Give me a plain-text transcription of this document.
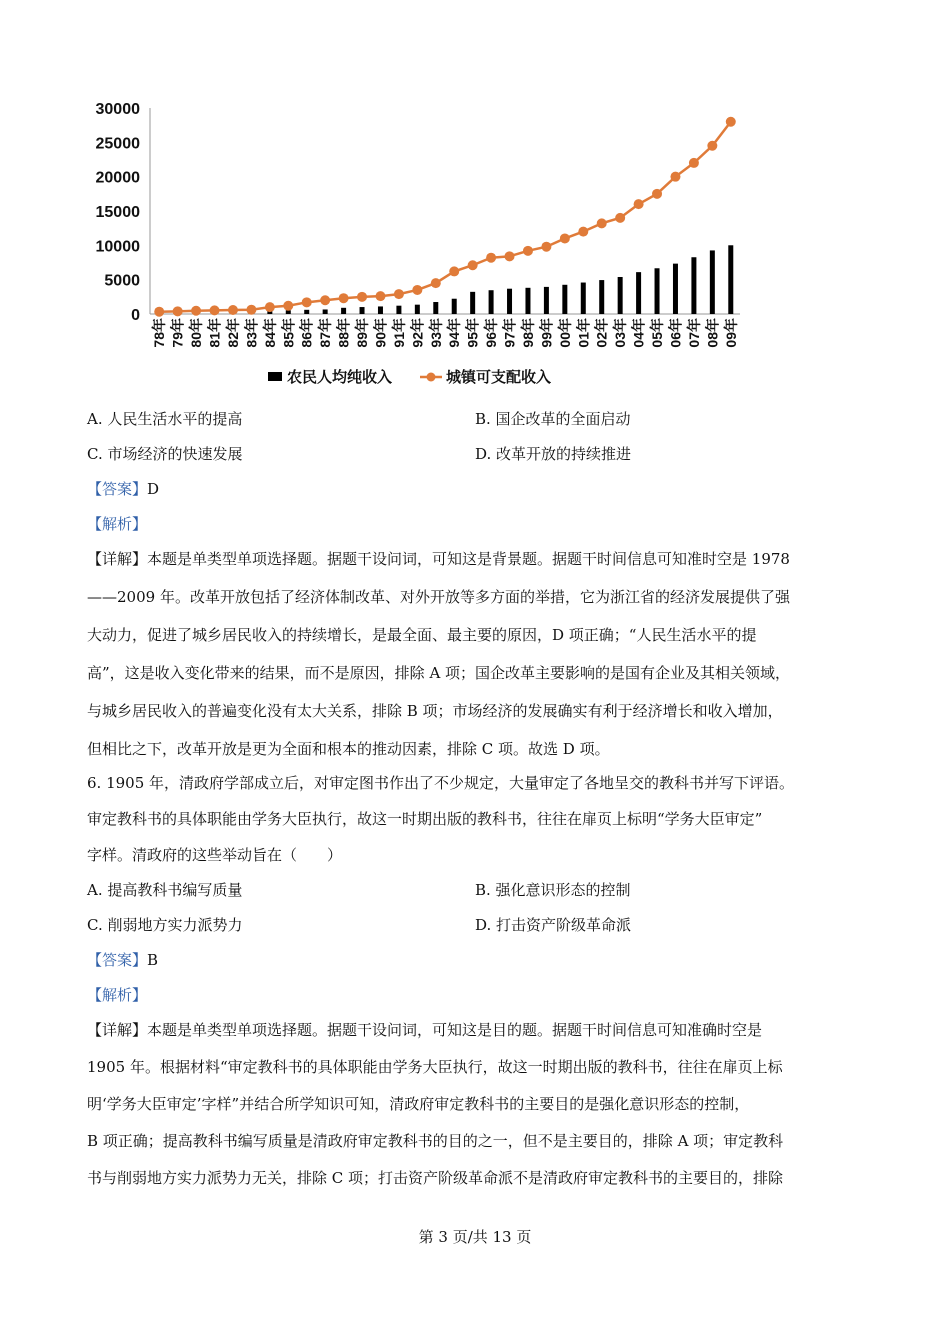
0
5000
10000
15000
20000
25000
30000
78年 79年 80年 81年 82年 83年 84年 85年 86年 87年 88年 89年 90年 91年 92年 93年 94年 95年 96年 97年 98年 99年 00年 01年 02年 03年 04年 05年 06年 07年 08年 09年
农民人均纯收入	城镇可支配收入
A. 人民生活水平的提高	B. 国企改革的全面启动
C. 市场经济的快速发展	D. 改革开放的持续推进
【答案】D
【解析】
【详解】本题是单类型单项选择题。据题干设问词，可知这是背景题。据题干时间信息可知准时空是 1978
——2009 年。改革开放包括了经济体制改革、对外开放等多方面的举措，它为浙江省的经济发展提供了强
大动力，促进了城乡居民收入的持续增长，是最全面、最主要的原因，D 项正确；“人民生活水平的提
高”，这是收入变化带来的结果，而不是原因，排除 A 项；国企改革主要影响的是国有企业及其相关领域，
与城乡居民收入的普遍变化没有太大关系，排除 B 项；市场经济的发展确实有利于经济增长和收入增加，
但相比之下，改革开放是更为全面和根本的推动因素，排除 C 项。故选 D 项。
6. 1905 年，清政府学部成立后，对审定图书作出了不少规定，大量审定了各地呈交的教科书并写下评语。
审定教科书的具体职能由学务大臣执行，故这一时期出版的教科书，往往在扉页上标明“学务大臣审定”
字样。清政府的这些举动旨在（　　）
A. 提高教科书编写质量	B. 强化意识形态的控制
C. 削弱地方实力派势力	D. 打击资产阶级革命派
【答案】B
【解析】
【详解】本题是单类型单项选择题。据题干设问词，可知这是目的题。据题干时间信息可知准确时空是
1905 年。根据材料“审定教科书的具体职能由学务大臣执行，故这一时期出版的教科书，往往在扉页上标
明‘学务大臣审定’字样”并结合所学知识可知，清政府审定教科书的主要目的是强化意识形态的控制，
B 项正确；提高教科书编写质量是清政府审定教科书的目的之一，但不是主要目的，排除 A 项；审定教科
书与削弱地方实力派势力无关，排除 C 项；打击资产阶级革命派不是清政府审定教科书的主要目的，排除
第 3 页/共 13 页
